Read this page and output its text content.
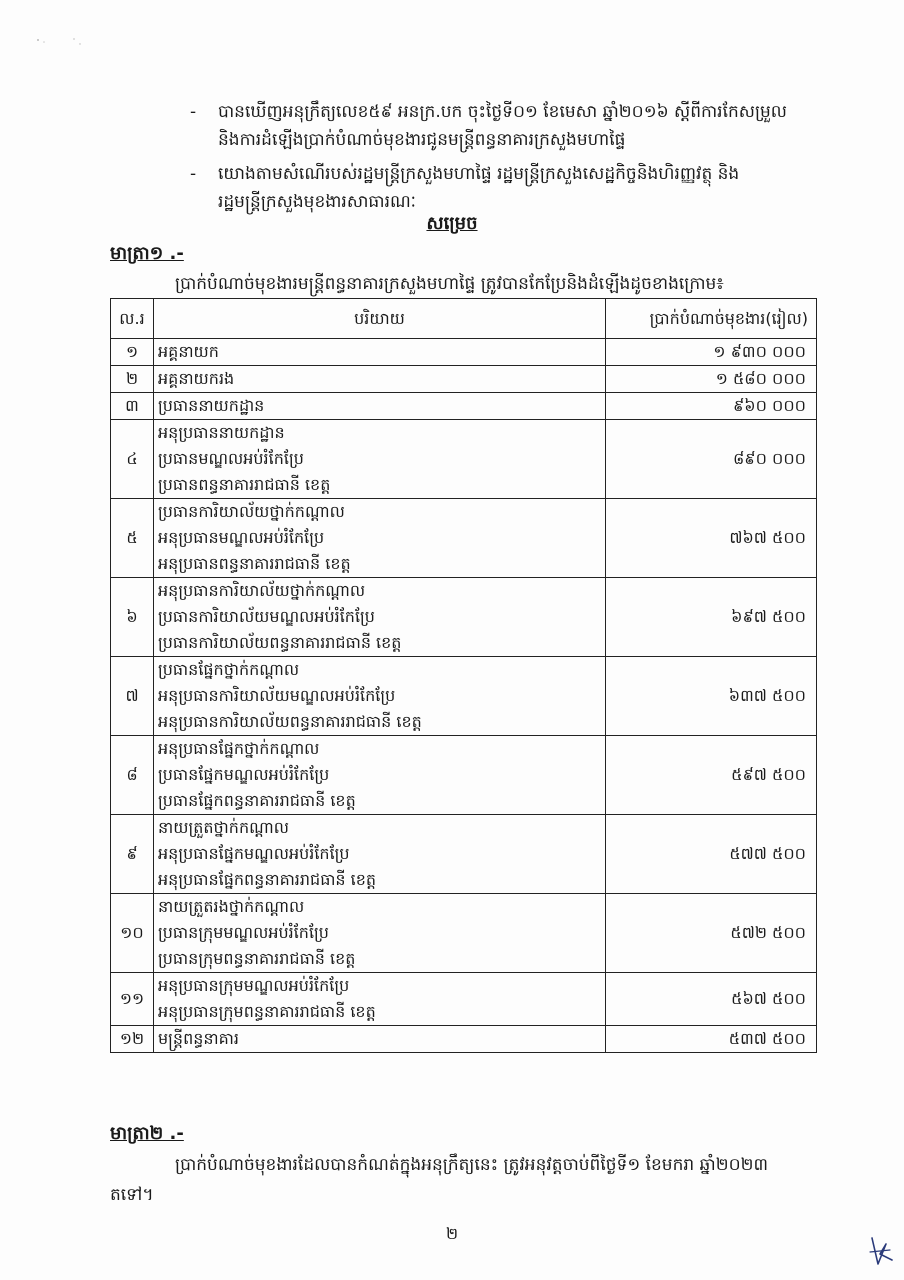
- បានឃើញអនុក្រឹត្យលេខ៥៩ អនក្រ.បក ចុះថ្ងៃទី០១ ខែមេសា ឆ្នាំ២០១៦ ស្តីពីការកែសម្រួល
និងការដំឡើងប្រាក់បំណាច់មុខងារជូនមន្ត្រីពន្ធនាគារក្រសួងមហាផ្ទៃ
- យោងតាមសំណើរបស់រដ្ឋមន្ត្រីក្រសួងមហាផ្ទៃ រដ្ឋមន្ត្រីក្រសួងសេដ្ឋកិច្ចនិងហិរញ្ញវត្ថុ និង
រដ្ឋមន្ត្រីក្រសួងមុខងារសាធារណៈ
សម្រេច
មាត្រា១ .-
ប្រាក់បំណាច់មុខងារមន្ត្រីពន្ធនាគារក្រសួងមហាផ្ទៃ ត្រូវបានកែប្រែនិងដំឡើងដូចខាងក្រោម៖
ល.រ	បរិយាយ	ប្រាក់បំណាច់មុខងារ(រៀល)
១	អគ្គនាយក	១ ៩៣០ ០០០
២	អគ្គនាយករង	១ ៥៨០ ០០០
៣	ប្រធាននាយកដ្ឋាន	៩៦០ ០០០
៤	អនុប្រធាននាយកដ្ឋាន
ប្រធានមណ្ឌលអប់រំកែប្រែ
ប្រធានពន្ធនាគាររាជធានី ខេត្ត	៨៩០ ០០០
៥	ប្រធានការិយាល័យថ្នាក់កណ្ដាល
អនុប្រធានមណ្ឌលអប់រំកែប្រែ
អនុប្រធានពន្ធនាគាររាជធានី ខេត្ត	៧៦៧ ៥០០
៦	អនុប្រធានការិយាល័យថ្នាក់កណ្ដាល
ប្រធានការិយាល័យមណ្ឌលអប់រំកែប្រែ
ប្រធានការិយាល័យពន្ធនាគាររាជធានី ខេត្ត	៦៩៧ ៥០០
៧	ប្រធានផ្នែកថ្នាក់កណ្ដាល
អនុប្រធានការិយាល័យមណ្ឌលអប់រំកែប្រែ
អនុប្រធានការិយាល័យពន្ធនាគាររាជធានី ខេត្ត	៦៣៧ ៥០០
៨	អនុប្រធានផ្នែកថ្នាក់កណ្ដាល
ប្រធានផ្នែកមណ្ឌលអប់រំកែប្រែ
ប្រធានផ្នែកពន្ធនាគាររាជធានី ខេត្ត	៥៩៧ ៥០០
៩	នាយត្រួតថ្នាក់កណ្ដាល
អនុប្រធានផ្នែកមណ្ឌលអប់រំកែប្រែ
អនុប្រធានផ្នែកពន្ធនាគាររាជធានី ខេត្ត	៥៧៧ ៥០០
១០	នាយត្រួតរងថ្នាក់កណ្ដាល
ប្រធានក្រុមមណ្ឌលអប់រំកែប្រែ
ប្រធានក្រុមពន្ធនាគាររាជធានី ខេត្ត	៥៧២ ៥០០
១១	អនុប្រធានក្រុមមណ្ឌលអប់រំកែប្រែ
អនុប្រធានក្រុមពន្ធនាគាររាជធានី ខេត្ត	៥៦៧ ៥០០
១២	មន្ត្រីពន្ធនាគារ	៥៣៧ ៥០០
មាត្រា២ .-
ប្រាក់បំណាច់មុខងារដែលបានកំណត់ក្នុងអនុក្រឹត្យនេះ ត្រូវអនុវត្តចាប់ពីថ្ងៃទី១ ខែមករា ឆ្នាំ២០២៣
តទៅ។
២
